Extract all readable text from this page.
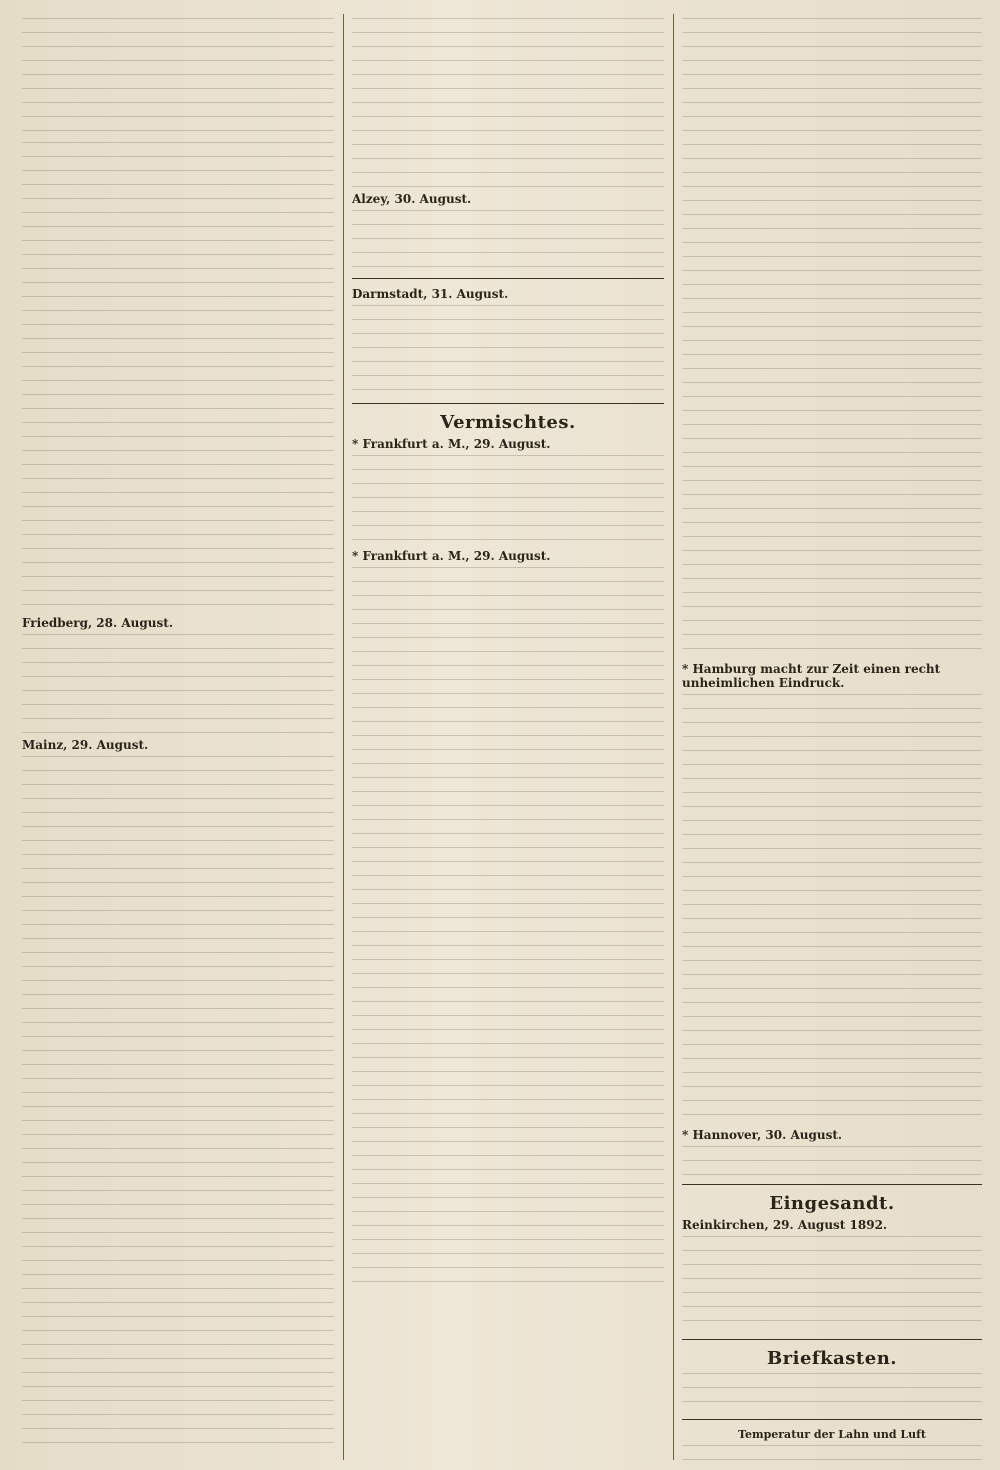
Friedberg, 28. August.
Mainz, 29. August.
Alzey, 30. August.
Darmstadt, 31. August.
Vermischtes.
* Frankfurt a. M., 29. August.
* Frankfurt a. M., 29. August.
* Hamburg macht zur Zeit einen recht unheimlichen Eindruck.
* Hannover, 30. August.
Eingesandt.
Reinkirchen, 29. August 1892.
Briefkasten.
Temperatur der Lahn und Luft
